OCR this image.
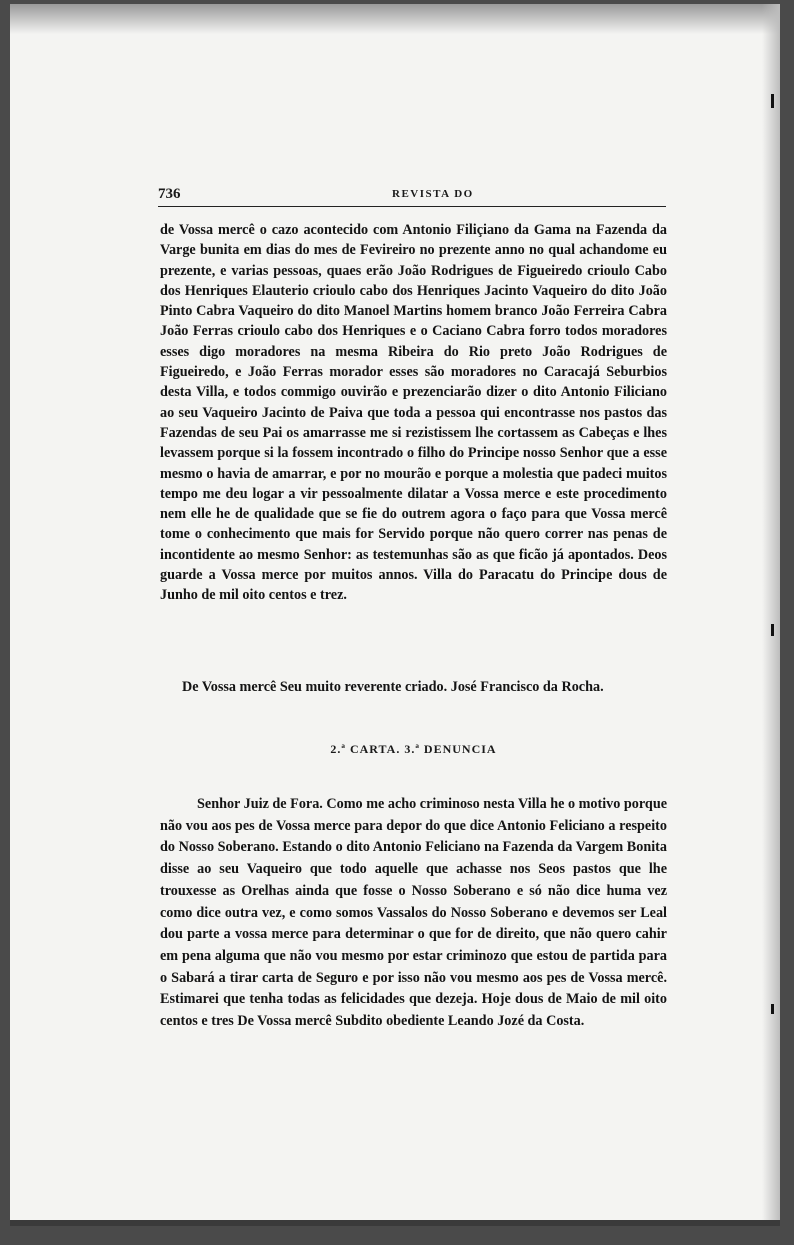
736	REVISTA DO

de Vossa mercê o cazo acontecido com Antonio Filiçiano da Gama na Fazenda da Varge bunita em dias do mes de Fevireiro no prezente anno no qual achandome eu prezente, e varias pessoas, quaes erão João Rodrigues de Figueiredo crioulo Cabo dos Henriques Elauterio crioulo cabo dos Henriques Jacinto Vaqueiro do dito João Pinto Cabra Vaqueiro do dito Manoel Martins homem branco João Ferreira Cabra João Ferras crioulo cabo dos Henriques e o Caciano Cabra forro todos moradores esses digo moradores na mesma Ribeira do Rio preto João Rodrigues de Figueiredo, e João Ferras morador esses são moradores no Caracajá Seburbios desta Villa, e todos commigo ouvirão e prezenciarão dizer o dito Antonio Filiciano ao seu Vaqueiro Jacinto de Paiva que toda a pessoa qui encontrasse nos pastos das Fazendas de seu Pai os amarrasse me si rezistissem lhe cortassem as Cabeças e lhes levassem porque si la fossem incontrado o filho do Principe nosso Senhor que a esse mesmo o havia de amarrar, e por no mourão e porque a molestia que padeci muitos tempo me deu logar a vir pessoalmente dilatar a Vossa merce e este procedimento nem elle he de qualidade que se fie do outrem agora o faço para que Vossa mercê tome o conhecimento que mais for Servido porque não quero correr nas penas de incontidente ao mesmo Senhor: as testemunhas são as que ficão já apontados. Deos guarde a Vossa merce por muitos annos. Villa do Paracatu do Principe dous de Junho de mil oito centos e trez.

De Vossa mercê Seu muito reverente criado. José Francisco da Rocha.

2.ª CARTA. 3.ª DENUNCIA

Senhor Juiz de Fora. Como me acho criminoso nesta Villa he o motivo porque não vou aos pes de Vossa merce para depor do que dice Antonio Feliciano a respeito do Nosso Soberano. Estando o dito Antonio Feliciano na Fazenda da Vargem Bonita disse ao seu Vaqueiro que todo aquelle que achasse nos Seos pastos que lhe trouxesse as Orelhas ainda que fosse o Nosso Soberano e só não dice huma vez como dice outra vez, e como somos Vassalos do Nosso Soberano e devemos ser Leal dou parte a vossa merce para determinar o que for de direito, que não quero cahir em pena alguma que não vou mesmo por estar criminozo que estou de partida para o Sabará a tirar carta de Seguro e por isso não vou mesmo aos pes de Vossa mercê. Estimarei que tenha todas as felicidades que dezeja. Hoje dous de Maio de mil oito centos e tres De Vossa mercê Subdito obediente Leando Jozé da Costa.
